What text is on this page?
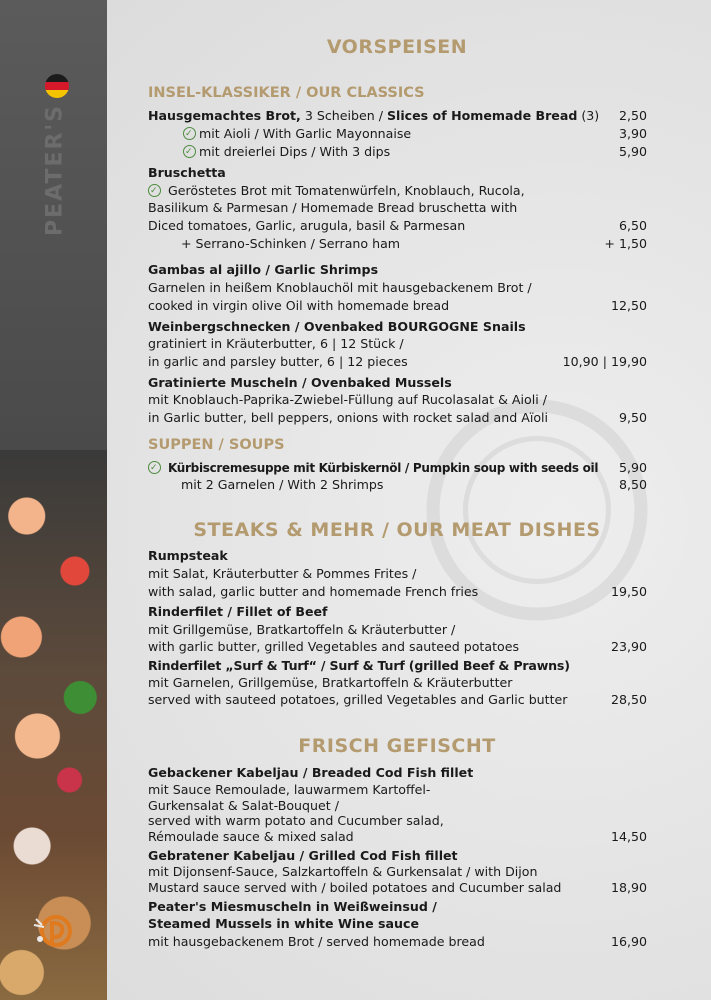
PEATER'S
VORSPEISEN
INSEL-KLASSIKER / OUR CLASSICS
Hausgemachtes Brot, 3 Scheiben / Slices of Homemade Bread (3) 2,50
✓mit Aioli / With Garlic Mayonnaise	3,90
✓mit dreierlei Dips / With 3 dips	5,90
Bruschetta
✓ Geröstetes Brot mit Tomatenwürfeln, Knoblauch, Rucola,
Basilikum & Parmesan / Homemade Bread bruschetta with
Diced tomatoes, Garlic, arugula, basil & Parmesan	6,50
+ Serrano-Schinken / Serrano ham	+ 1,50
Gambas al ajillo / Garlic Shrimps
Garnelen in heißem Knoblauchöl mit hausgebackenem Brot /
cooked in virgin olive Oil with homemade bread	12,50
Weinbergschnecken / Ovenbaked BOURGOGNE Snails
gratiniert in Kräuterbutter, 6 | 12 Stück /
in garlic and parsley butter, 6 | 12 pieces	10,90 | 19,90
Gratinierte Muscheln / Ovenbaked Mussels
mit Knoblauch-Paprika-Zwiebel-Füllung auf Rucolasalat & Aioli /
in Garlic butter, bell peppers, onions with rocket salad and Aïoli	9,50
SUPPEN / SOUPS
✓ Kürbiscremesuppe mit Kürbiskernöl / Pumpkin soup with seeds oil 5,90
mit 2 Garnelen / With 2 Shrimps	8,50
STEAKS & MEHR / OUR MEAT DISHES
Rumpsteak
mit Salat, Kräuterbutter & Pommes Frites /
with salad, garlic butter and homemade French fries	19,50
Rinderfilet / Fillet of Beef
mit Grillgemüse, Bratkartoffeln & Kräuterbutter /
with garlic butter, grilled Vegetables and sauteed potatoes	23,90
Rinderfilet „Surf & Turf“ / Surf & Turf (grilled Beef & Prawns)
mit Garnelen, Grillgemüse, Bratkartoffeln & Kräuterbutter
served with sauteed potatoes, grilled Vegetables and Garlic butter	28,50
FRISCH GEFISCHT
Gebackener Kabeljau / Breaded Cod Fish fillet
mit Sauce Remoulade, lauwarmem Kartoffel-
Gurkensalat & Salat-Bouquet /
served with warm potato and Cucumber salad,
Rémoulade sauce & mixed salad	14,50
Gebratener Kabeljau / Grilled Cod Fish fillet
mit Dijonsenf-Sauce, Salzkartoffeln & Gurkensalat / with Dijon
Mustard sauce served with / boiled potatoes and Cucumber salad	18,90
Peater's Miesmuscheln in Weißweinsud /
Steamed Mussels in white Wine sauce
mit hausgebackenem Brot / served homemade bread	16,90
